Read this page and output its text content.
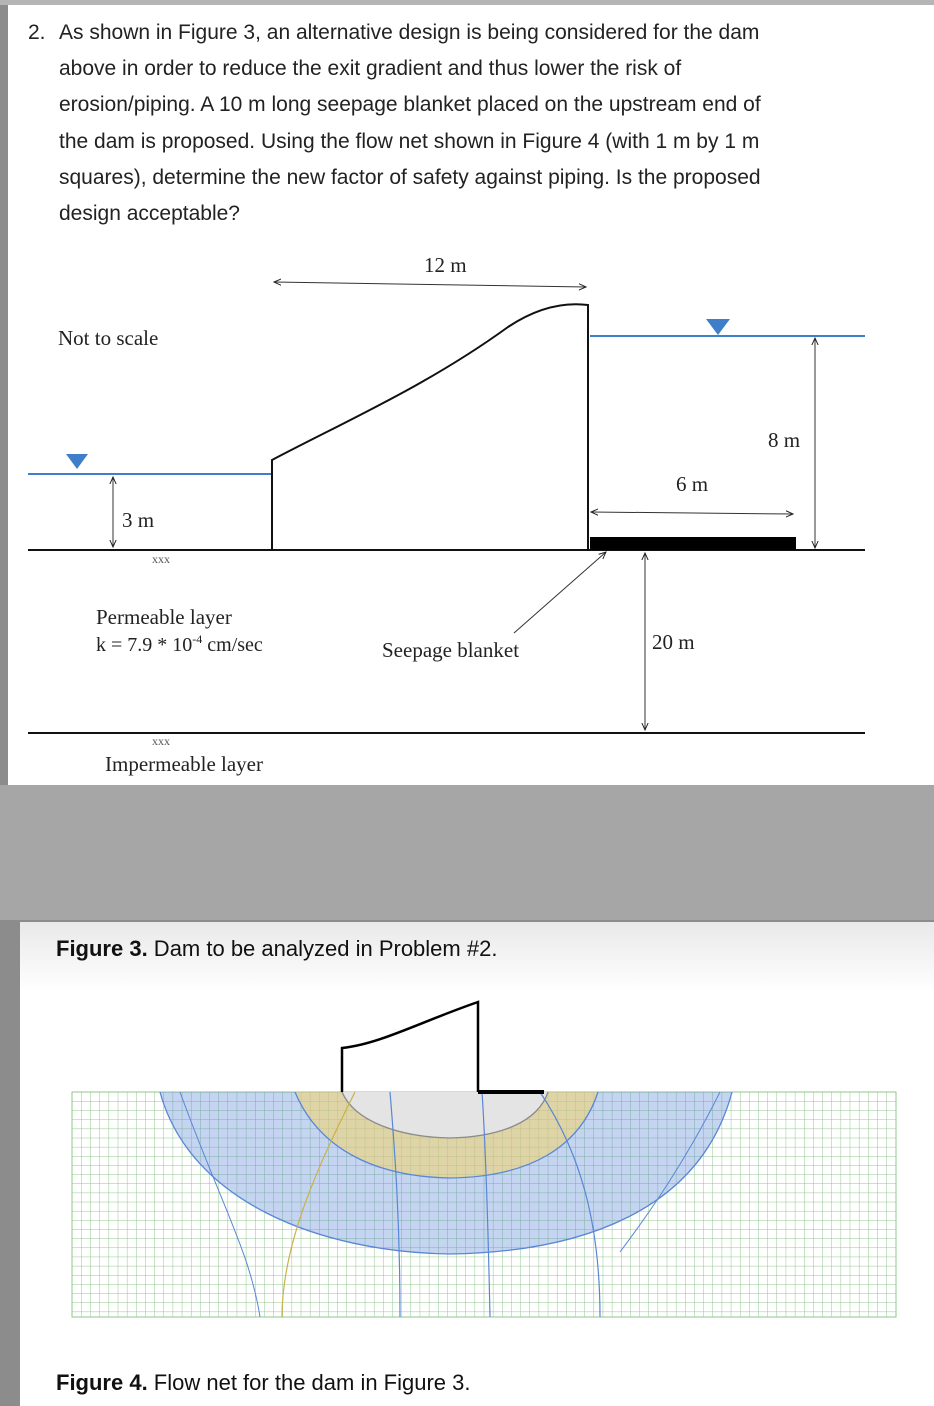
2. As shown in Figure 3, an alternative design is being considered for the dam
above in order to reduce the exit gradient and thus lower the risk of
erosion/piping. A 10 m long seepage blanket placed on the upstream end of
the dam is proposed. Using the flow net shown in Figure 4 (with 1 m by 1 m
squares), determine the new factor of safety against piping. Is the proposed
design acceptable?
Not to scale
12 m
3 m
xxx
8 m
6 m
Seepage blanket	20 m
Permeable layer
$k = 7.9 * 10^{-4}$ cm/sec
xxx
Impermeable layer
Figure 3. Dam to be analyzed in Problem #2.
Figure 4. Flow net for the dam in Figure 3.
